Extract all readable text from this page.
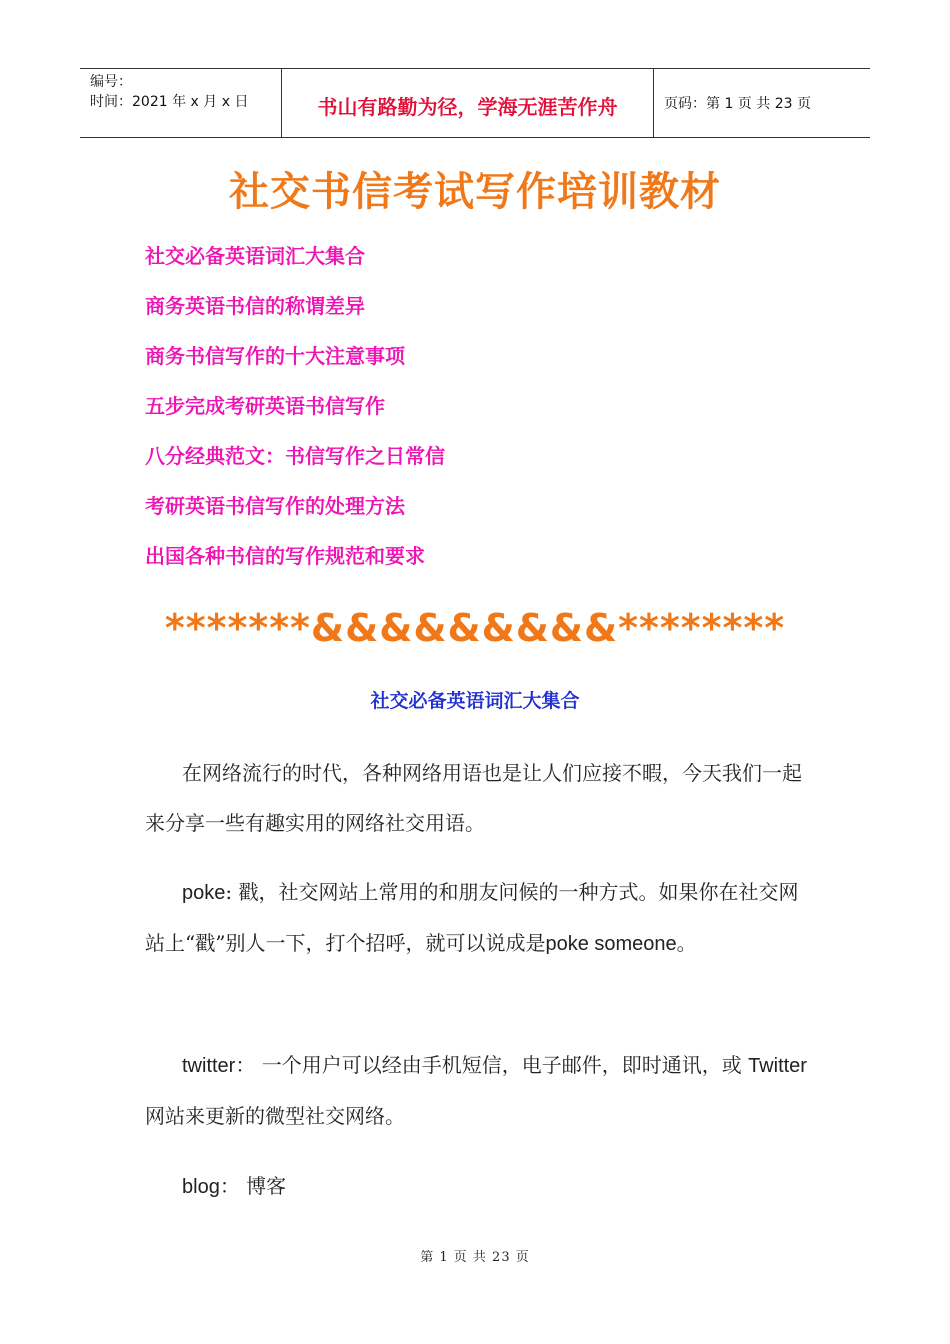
编号：
时间：2021 年 x 月 x 日	书山有路勤为径，学海无涯苦作舟	页码：第 1 页 共 23 页
社交书信考试写作培训教材
社交必备英语词汇大集合
商务英语书信的称谓差异
商务书信写作的十大注意事项
五步完成考研英语书信写作
八分经典范文：书信写作之日常信
考研英语书信写作的处理方法
出国各种书信的写作规范和要求
*******&&&&&&&&&********
社交必备英语词汇大集合
在网络流行的时代，各种网络用语也是让人们应接不暇，今天我们一起来分享一些有趣实用的网络社交用语。
poke: 戳，社交网站上常用的和朋友问候的一种方式。如果你在社交网站上“戳”别人一下，打个招呼，就可以说成是poke someone。
twitter： 一个用户可以经由手机短信，电子邮件，即时通讯，或 Twitter 网站来更新的微型社交网络。
blog： 博客
第 1 页 共 23 页
